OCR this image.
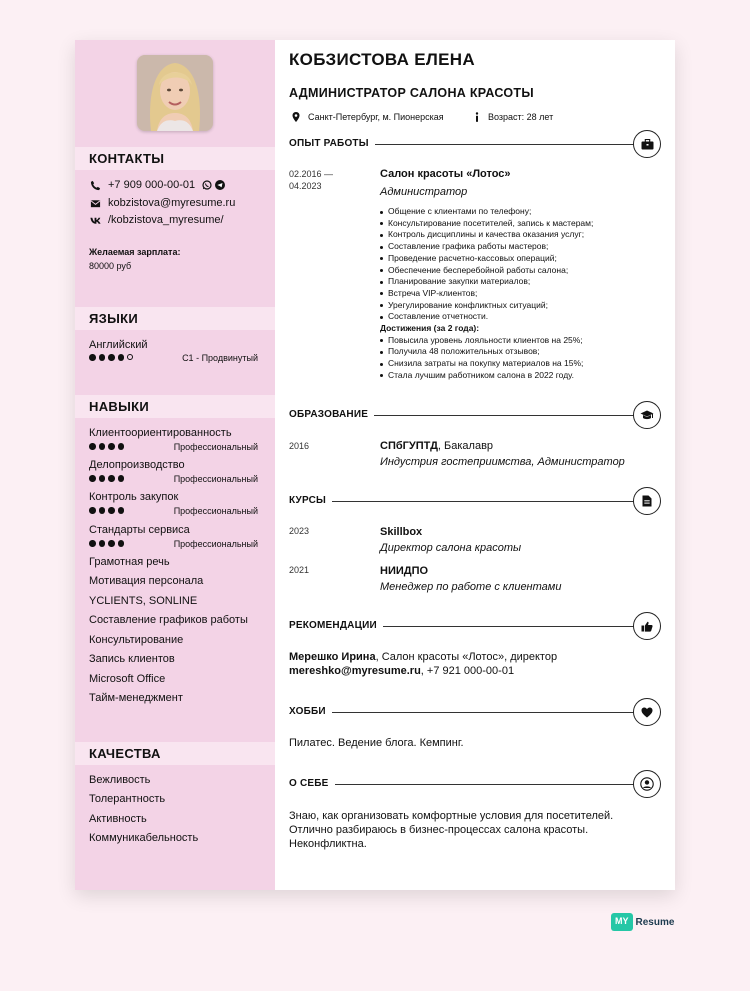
КОНТАКТЫ
+7 909 000-00-01
kobzistova@myresume.ru
/kobzistova_myresume/
Желаемая зарплата:
80000 руб
ЯЗЫКИ
Английский
C1 - Продвинутый
НАВЫКИ
Клиентоориентированность
Профессиональный
Делопроизводство
Профессиональный
Контроль закупок
Профессиональный
Стандарты сервиса
Профессиональный
Грамотная речь
Мотивация персонала
YCLIENTS, SONLINE
Составление графиков работы
Консультирование
Запись клиентов
Microsoft Office
Тайм-менеджмент
КАЧЕСТВА
Вежливость
Толерантность
Активность
Коммуникабельность
КОБЗИСТОВА ЕЛЕНА
АДМИНИСТРАТОР САЛОНА КРАСОТЫ
Санкт-Петербург, м. Пионерская	Возраст: 28 лет
ОПЫТ РАБОТЫ
02.2016 —
04.2023
Салон красоты «Лотос»
Администратор
Общение с клиентами по телефону;
Консультирование посетителей, запись к мастерам;
Контроль дисциплины и качества оказания услуг;
Составление графика работы мастеров;
Проведение расчетно-кассовых операций;
Обеспечение бесперебойной работы салона;
Планирование закупки материалов;
Встреча VIP-клиентов;
Урегулирование конфликтных ситуаций;
Составление отчетности.
Достижения (за 2 года):
Повысила уровень лояльности клиентов на 25%;
Получила 48 положительных отзывов;
Снизила затраты на покупку материалов на 15%;
Стала лучшим работником салона в 2022 году.
ОБРАЗОВАНИЕ
2016	СПбГУПТД, Бакалавр
Индустрия гостеприимства, Администратор
КУРСЫ
2023	Skillbox
Директор салона красоты
2021	НИИДПО
Менеджер по работе с клиентами
РЕКОМЕНДАЦИИ
Мерешко Ирина, Салон красоты «Лотос», директор
mereshko@myresume.ru, +7 921 000-00-01
ХОББИ
Пилатес. Ведение блога. Кемпинг.
О СЕБЕ
Знаю, как организовать комфортные условия для посетителей. Отлично разбираюсь в бизнес-процессах салона красоты. Неконфликтна.
MY Resume
